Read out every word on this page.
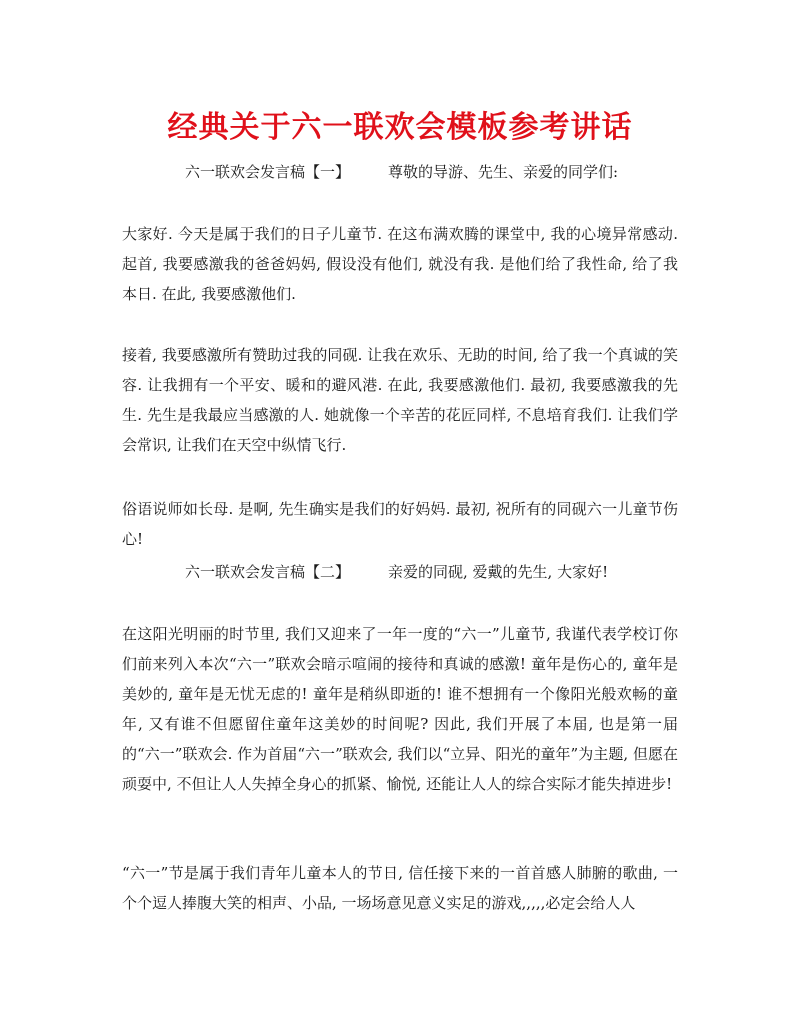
经典关于六一联欢会模板参考讲话
六一联欢会发言稿【一】	尊敬的导游、先生、亲爱的同学们:

大家好. 今天是属于我们的日子儿童节. 在这布满欢腾的课堂中, 我的心境异常感动. 起首, 我要感激我的爸爸妈妈, 假设没有他们, 就没有我. 是他们给了我性命, 给了我本日. 在此, 我要感激他们.

接着, 我要感激所有赞助过我的同砚. 让我在欢乐、无助的时间, 给了我一个真诚的笑容. 让我拥有一个平安、暖和的避风港. 在此, 我要感激他们. 最初, 我要感激我的先生. 先生是我最应当感激的人. 她就像一个辛苦的花匠同样, 不息培育我们. 让我们学会常识, 让我们在天空中纵情飞行.

俗语说师如长母. 是啊, 先生确实是我们的好妈妈. 最初, 祝所有的同砚六一儿童节伤心!

六一联欢会发言稿【二】	亲爱的同砚, 爱戴的先生, 大家好!

在这阳光明丽的时节里, 我们又迎来了一年一度的“六一”儿童节, 我谨代表学校订你们前来列入本次“六一”联欢会暗示喧闹的接待和真诚的感激! 童年是伤心的, 童年是美妙的, 童年是无忧无虑的! 童年是稍纵即逝的! 谁不想拥有一个像阳光般欢畅的童年, 又有谁不但愿留住童年这美妙的时间呢? 因此, 我们开展了本届, 也是第一届的“六一”联欢会. 作为首届“六一”联欢会, 我们以“立异、阳光的童年”为主题, 但愿在顽耍中, 不但让人人失掉全身心的抓紧、愉悦, 还能让人人的综合实际才能失掉进步!

“六一”节是属于我们青年儿童本人的节日, 信任接下来的一首首感人肺腑的歌曲, 一个个逗人捧腹大笑的相声、小品, 一场场意见意义实足的游戏,,,,,必定会给人人
